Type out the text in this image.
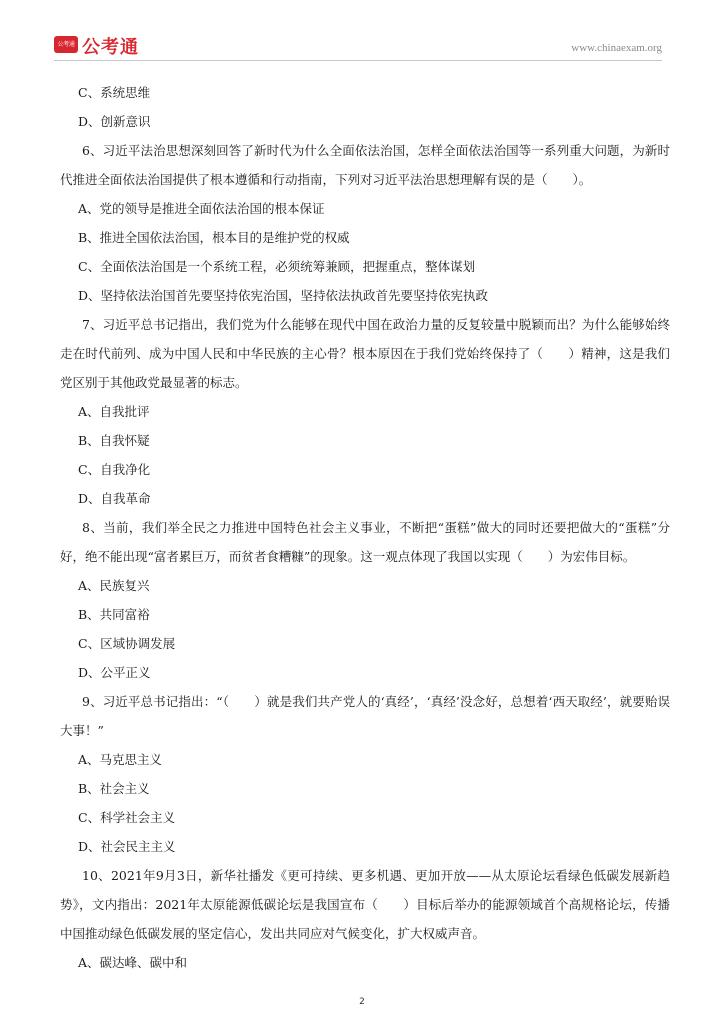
公考通 公考通	www.chinaexam.org
C、系统思维
D、创新意识
6、习近平法治思想深刻回答了新时代为什么全面依法治国，怎样全面依法治国等一系列重大问题，为新时代推进全面依法治国提供了根本遵循和行动指南，下列对习近平法治思想理解有误的是（　　）。
A、党的领导是推进全面依法治国的根本保证
B、推进全国依法治国，根本目的是维护党的权威
C、全面依法治国是一个系统工程，必须统筹兼顾，把握重点，整体谋划
D、坚持依法治国首先要坚持依宪治国，坚持依法执政首先要坚持依宪执政
7、习近平总书记指出，我们党为什么能够在现代中国在政治力量的反复较量中脱颖而出？为什么能够始终走在时代前列、成为中国人民和中华民族的主心骨？根本原因在于我们党始终保持了（　　）精神，这是我们党区别于其他政党最显著的标志。
A、自我批评
B、自我怀疑
C、自我净化
D、自我革命
8、当前，我们举全民之力推进中国特色社会主义事业，不断把“蛋糕”做大的同时还要把做大的“蛋糕”分好，绝不能出现“富者累巨万，而贫者食糟糠”的现象。这一观点体现了我国以实现（　　）为宏伟目标。
A、民族复兴
B、共同富裕
C、区域协调发展
D、公平正义
9、习近平总书记指出：“（　　）就是我们共产党人的‘真经’，‘真经’没念好，总想着‘西天取经’，就要贻误大事！”
A、马克思主义
B、社会主义
C、科学社会主义
D、社会民主主义
10、2021年9月3日，新华社播发《更可持续、更多机遇、更加开放——从太原论坛看绿色低碳发展新趋势》，文内指出：2021年太原能源低碳论坛是我国宣布（　　）目标后举办的能源领域首个高规格论坛，传播中国推动绿色低碳发展的坚定信心，发出共同应对气候变化，扩大权威声音。
A、碳达峰、碳中和
2
